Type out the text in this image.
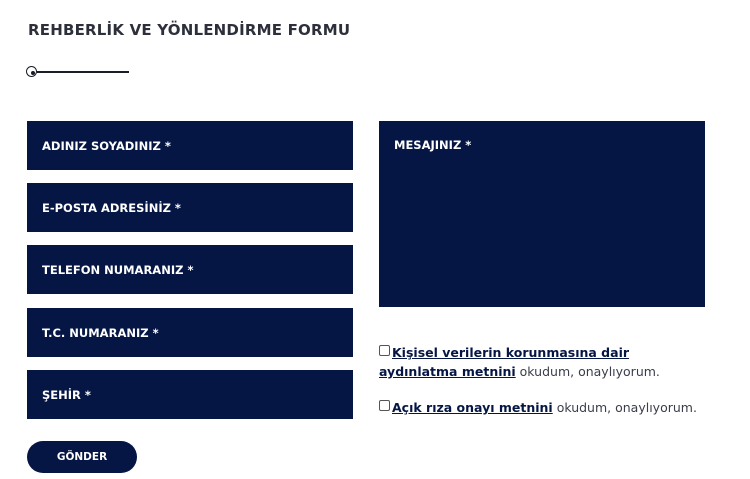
REHBERLİK VE YÖNLENDİRME FORMU
ADINIZ SOYADINIZ *
E-POSTA ADRESİNİZ *
TELEFON NUMARANIZ *
T.C. NUMARANIZ *
ŞEHİR *
MESAJINIZ *
Kişisel verilerin korunmasına dair aydınlatma metnini okudum, onaylıyorum.
Açık rıza onayı metnini okudum, onaylıyorum.
GÖNDER
